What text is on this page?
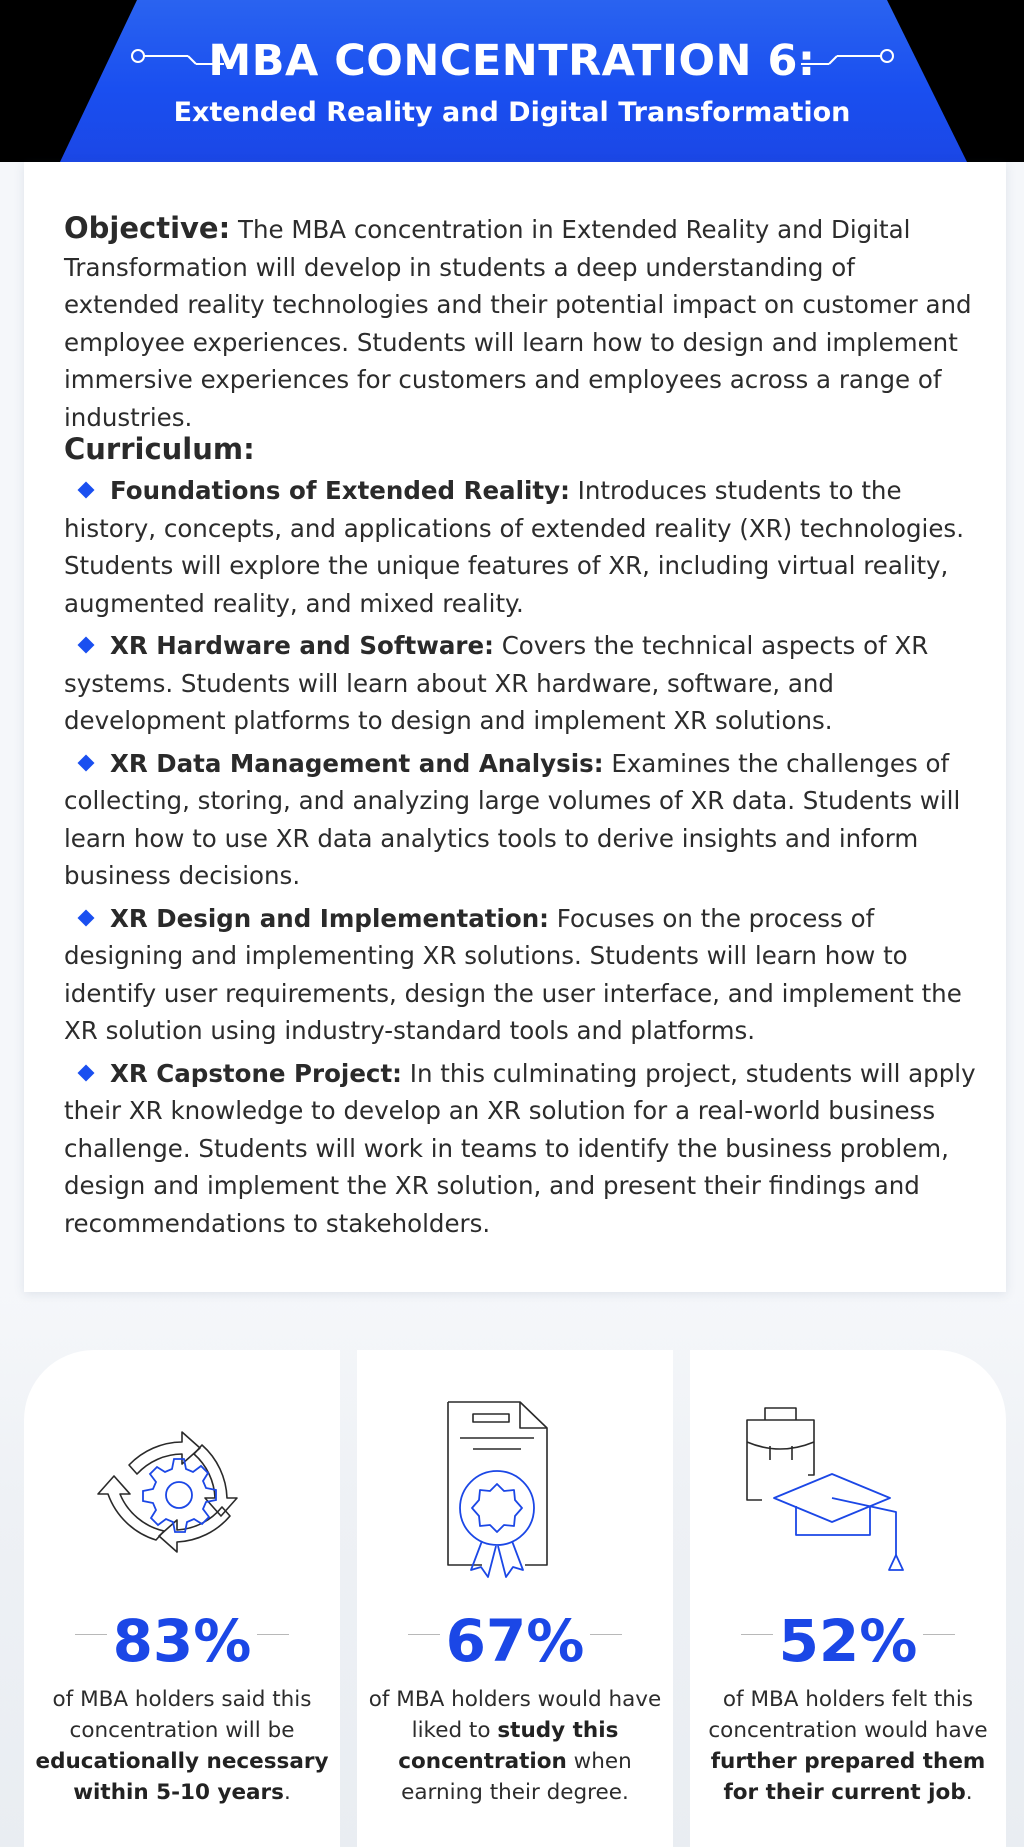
MBA CONCENTRATION 6:
Extended Reality and Digital Transformation

Objective: The MBA concentration in Extended Reality and Digital Transformation will develop in students a deep understanding of extended reality technologies and their potential impact on customer and employee experiences. Students will learn how to design and implement immersive experiences for customers and employees across a range of industries.

Curriculum:

Foundations of Extended Reality: Introduces students to the history, concepts, and applications of extended reality (XR) technologies. Students will explore the unique features of XR, including virtual reality, augmented reality, and mixed reality.

XR Hardware and Software: Covers the technical aspects of XR systems. Students will learn about XR hardware, software, and development platforms to design and implement XR solutions.

XR Data Management and Analysis: Examines the challenges of collecting, storing, and analyzing large volumes of XR data. Students will learn how to use XR data analytics tools to derive insights and inform business decisions.

XR Design and Implementation: Focuses on the process of designing and implementing XR solutions. Students will learn how to identify user requirements, design the user interface, and implement the XR solution using industry-standard tools and platforms.

XR Capstone Project: In this culminating project, students will apply their XR knowledge to develop an XR solution for a real-world business challenge. Students will work in teams to identify the business problem, design and implement the XR solution, and present their findings and recommendations to stakeholders.

83%

of MBA holders said this concentration will be educationally necessary within 5-10 years.

67%

of MBA holders would have liked to study this concentration when earning their degree.

52%

of MBA holders felt this concentration would have further prepared them for their current job.
